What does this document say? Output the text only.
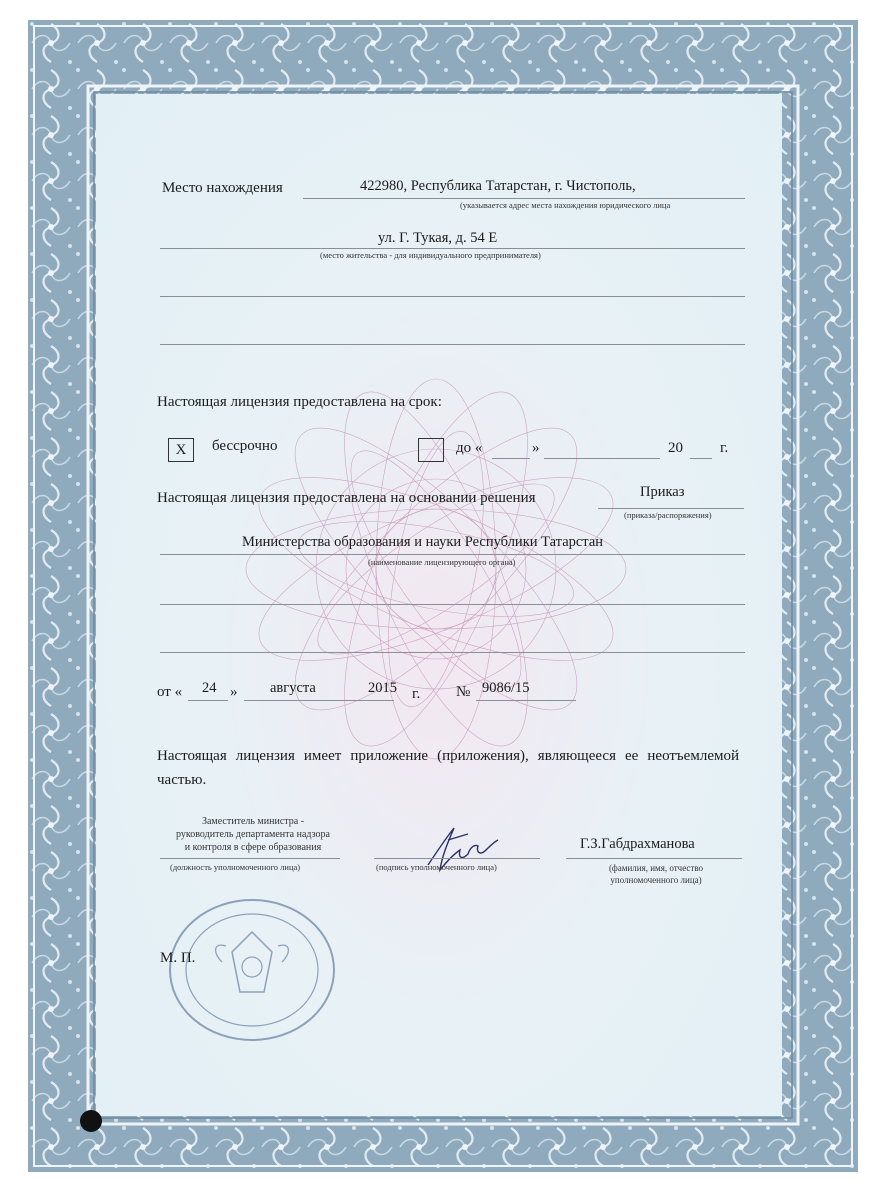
Место нахождения	422980, Республика Татарстан, г. Чистополь,
(указывается адрес места нахождения юридического лица
ул. Г. Тукая, д. 54 Е
(место жительства - для индивидуального предпринимателя)
Настоящая лицензия предоставлена на срок:
X	бессрочно	до «	»	20 г.
Настоящая лицензия предоставлена на основании решения	Приказ
(приказа/распоряжения)
Министерства образования и науки Республики Татарстан
(наименование лицензирующего органа)
от « 24 » августа	2015 г. № 9086/15
Настоящая лицензия имеет приложение (приложения), являющееся ее неотъемлемой частью.
Заместитель министра -
руководитель департамента надзора
и контроля в сфере образования
(должность уполномоченного лица)	(подпись уполномоченного лица)
Г.З.Габдрахманова
(фамилия, имя, отчество
уполномоченного лица)
М. П.
